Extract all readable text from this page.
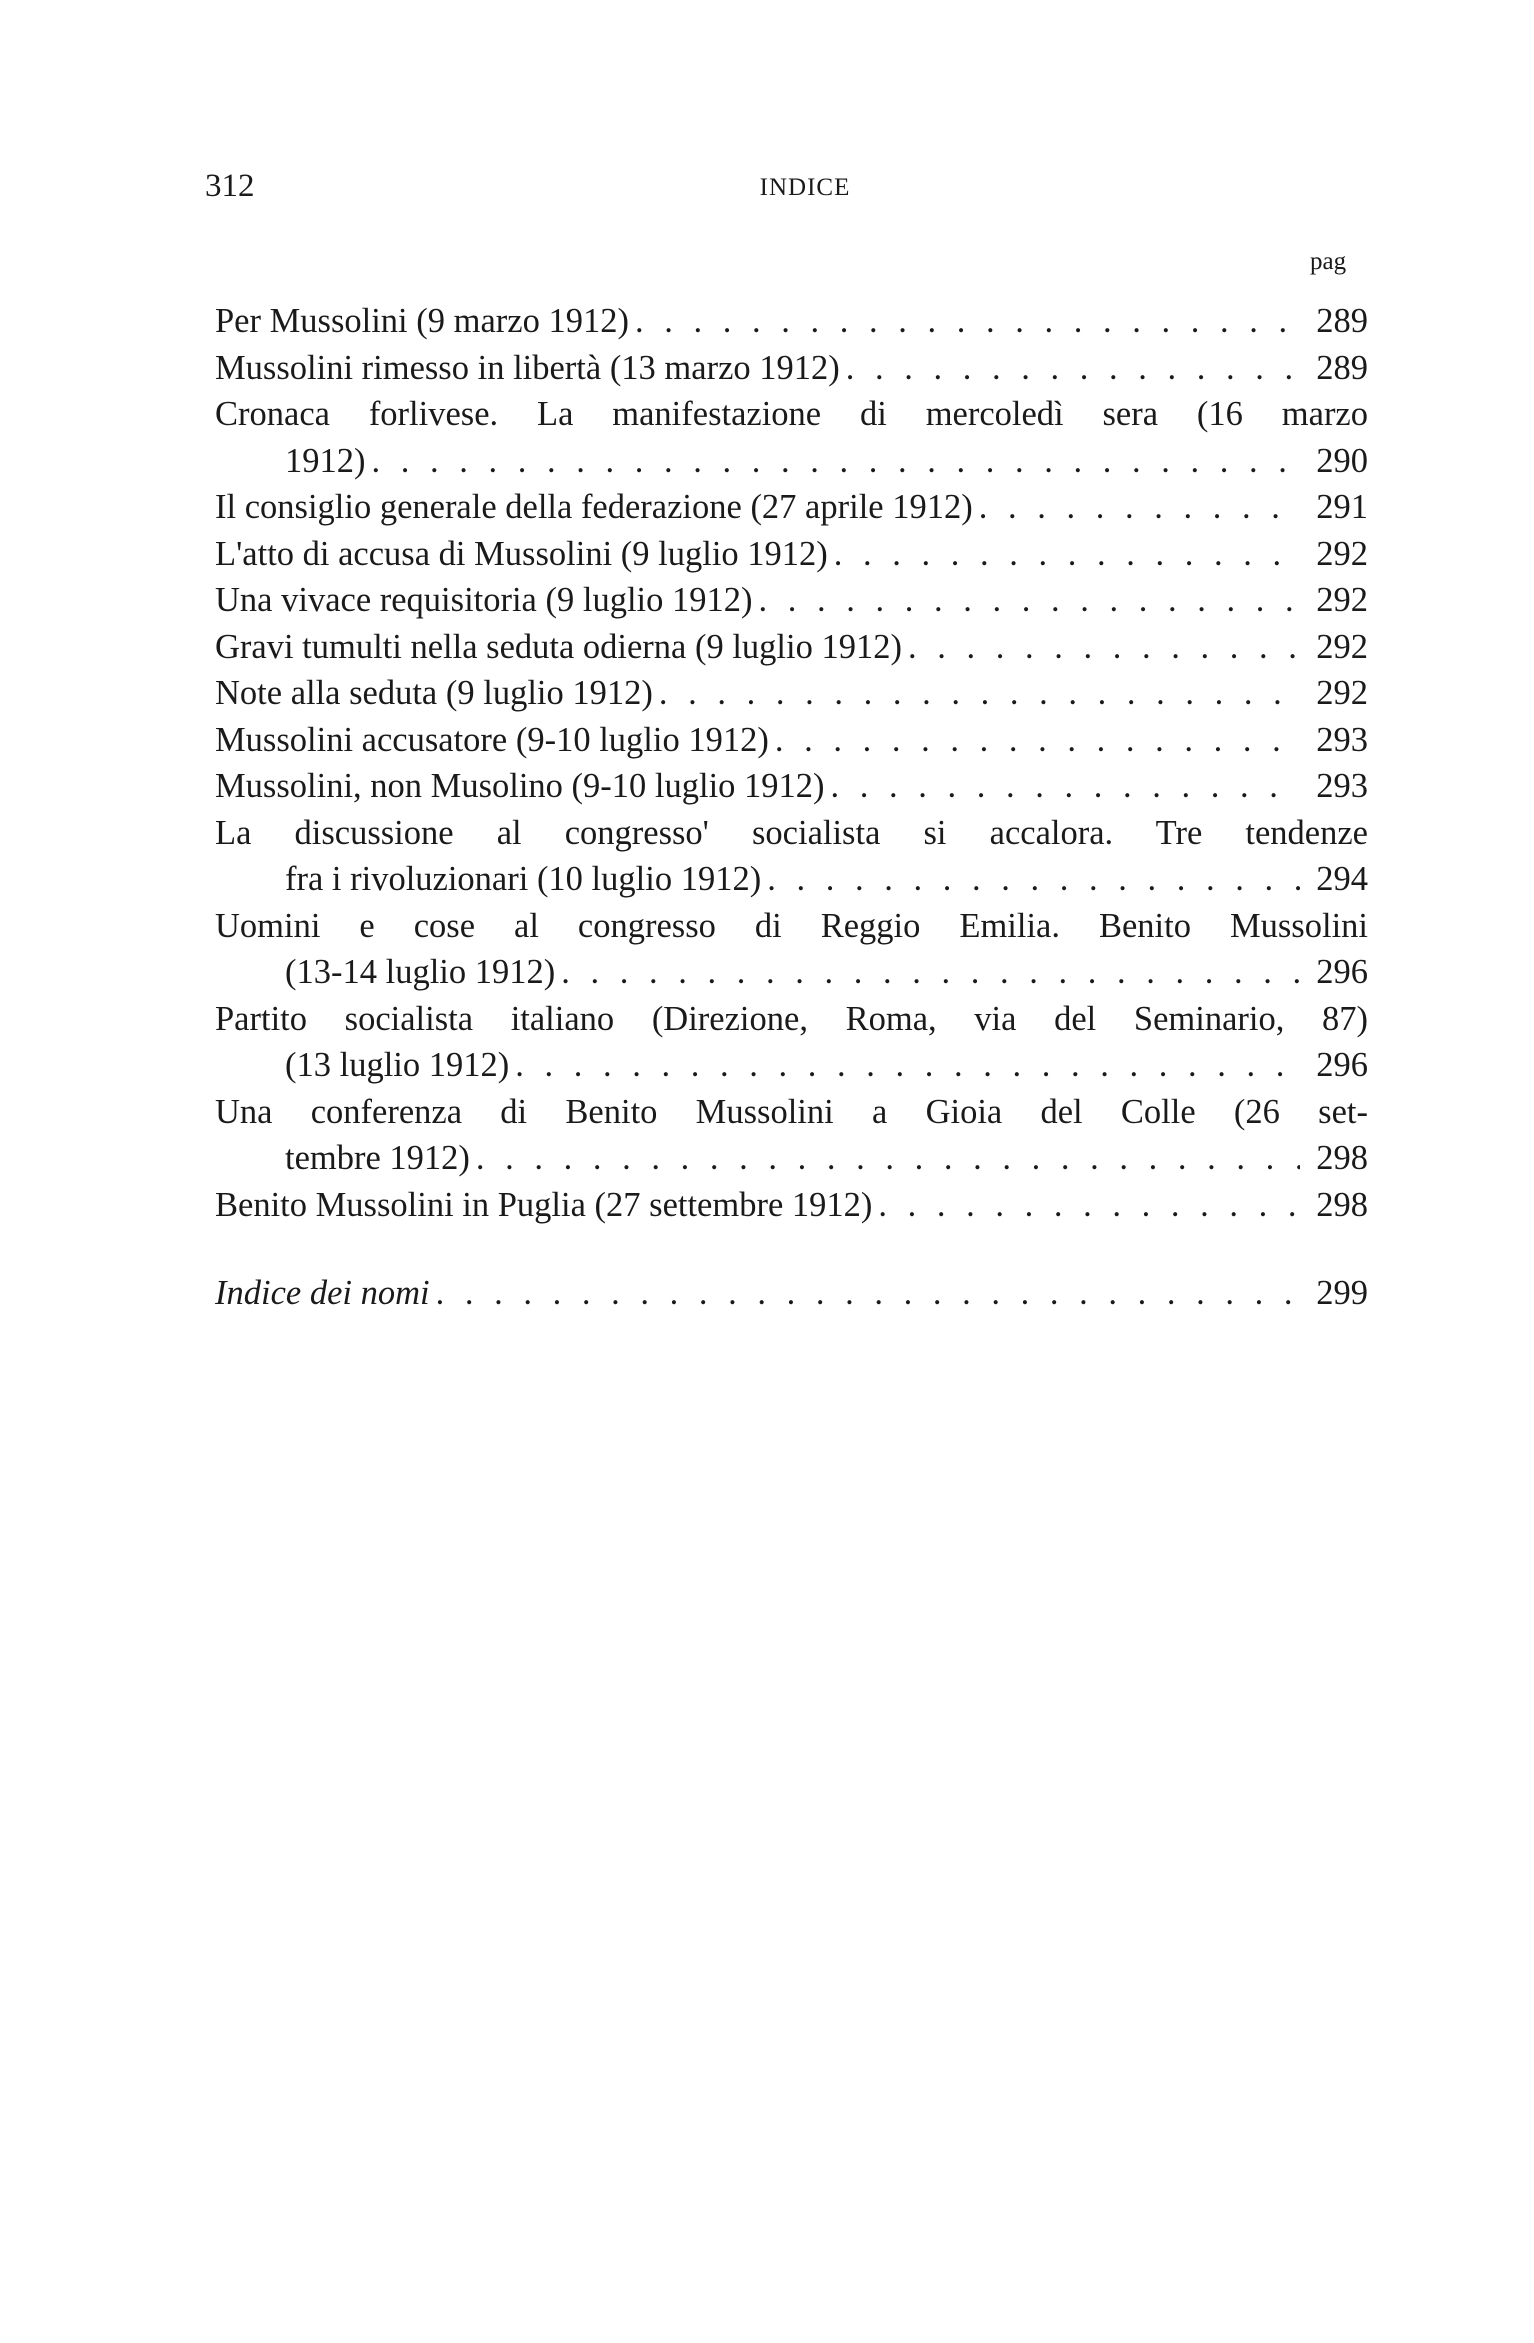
312	INDICE
pag
Per Mussolini (9 marzo 1912) . . .	289
Mussolini rimesso in libertà (13 marzo 1912) . . .	289
Cronaca forlivese. La manifestazione di mercoledì sera (16 marzo
1912) . . .	290
Il consiglio generale della federazione (27 aprile 1912) . . .	291
L'atto di accusa di Mussolini (9 luglio 1912) . . .	292
Una vivace requisitoria (9 luglio 1912) . . .	292
Gravi tumulti nella seduta odierna (9 luglio 1912) . . .	292
Note alla seduta (9 luglio 1912) . . .	292
Mussolini accusatore (9-10 luglio 1912) . . .	293
Mussolini, non Musolino (9-10 luglio 1912) . . .	293
La discussione al congresso' socialista si accalora. Tre tendenze
fra i rivoluzionari (10 luglio 1912) . . .	294
Uomini e cose al congresso di Reggio Emilia. Benito Mussolini
(13-14 luglio 1912) . . .	296
Partito socialista italiano (Direzione, Roma, via del Seminario, 87)
(13 luglio 1912) . . .	296
Una conferenza di Benito Mussolini a Gioia del Colle (26 set-
tembre 1912) . . .	298
Benito Mussolini in Puglia (27 settembre 1912) . . .	298
Indice dei nomi . . .	299
